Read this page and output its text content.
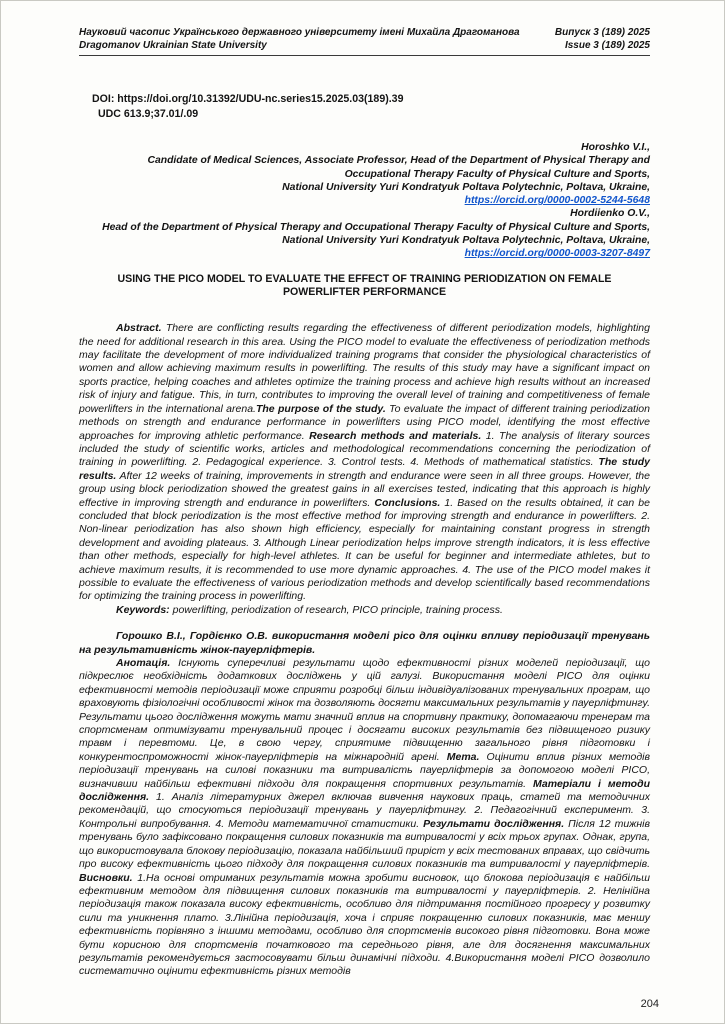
Науковий часопис Українського державного університету імені Михайла Драгоманова
Dragomanov Ukrainian State University
Випуск 3 (189) 2025
Issue 3 (189) 2025
DOI: https://doi.org/10.31392/UDU-nc.series15.2025.03(189).39
UDC 613.9;37.01/.09
Horoshko V.I.,
Candidate of Medical Sciences, Associate Professor, Head of the Department of Physical Therapy and Occupational Therapy Faculty of Physical Culture and Sports,
National University Yuri Kondratyuk Poltava Polytechnic, Poltava, Ukraine,
https://orcid.org/0000-0002-5244-5648
Hordiienko O.V.,
Head of the Department of Physical Therapy and Occupational Therapy Faculty of Physical Culture and Sports, National University Yuri Kondratyuk Poltava Polytechnic, Poltava, Ukraine,
https://orcid.org/0000-0003-3207-8497
USING THE PICO MODEL TO EVALUATE THE EFFECT OF TRAINING PERIODIZATION ON FEMALE POWERLIFTER PERFORMANCE

Abstract. There are conflicting results regarding the effectiveness of different periodization models, highlighting the need for additional research in this area. Using the PICO model to evaluate the effectiveness of periodization methods may facilitate the development of more individualized training programs that consider the physiological characteristics of women and allow achieving maximum results in powerlifting. The results of this study may have a significant impact on sports practice, helping coaches and athletes optimize the training process and achieve high results without an increased risk of injury and fatigue. This, in turn, contributes to improving the overall level of training and competitiveness of female powerlifters in the international arena.The purpose of the study. To evaluate the impact of different training periodization methods on strength and endurance performance in powerlifters using PICO model, identifying the most effective approaches for improving athletic performance. Research methods and materials. 1. The analysis of literary sources included the study of scientific works, articles and methodological recommendations concerning the periodization of training in powerlifting. 2. Pedagogical experience. 3. Control tests. 4. Methods of mathematical statistics. The study results. After 12 weeks of training, improvements in strength and endurance were seen in all three groups. However, the group using block periodization showed the greatest gains in all exercises tested, indicating that this approach is highly effective in improving strength and endurance in powerlifters. Conclusions. 1. Based on the results obtained, it can be concluded that block periodization is the most effective method for improving strength and endurance in powerlifters. 2. Non-linear periodization has also shown high efficiency, especially for maintaining constant progress in strength development and avoiding plateaus. 3. Although Linear periodization helps improve strength indicators, it is less effective than other methods, especially for high-level athletes. It can be useful for beginner and intermediate athletes, but to achieve maximum results, it is recommended to use more dynamic approaches. 4. The use of the PICO model makes it possible to evaluate the effectiveness of various periodization methods and develop scientifically based recommendations for optimizing the training process in powerlifting.

Keywords: powerlifting, periodization of research, PICO principle, training process.

Горошко В.І., Гордієнко О.В. використання моделі pico для оцінки впливу періодизації тренувань на результативність жінок-пауерліфтерів.

Анотація. Існують суперечливі результати щодо ефективності різних моделей періодизації, що підкреслює необхідність додаткових досліджень у цій галузі. Використання моделі PICO для оцінки ефективності методів періодизації може сприяти розробці більш індивідуалізованих тренувальних програм, що враховують фізіологічні особливості жінок та дозволяють досягти максимальних результатів у пауерліфтингу. Результати цього дослідження можуть мати значний вплив на спортивну практику, допомагаючи тренерам та спортсменам оптимізувати тренувальний процес і досягати високих результатів без підвищеного ризику травм і перевтоми. Це, в свою чергу, сприятиме підвищенню загального рівня підготовки і конкурентоспроможності жінок-пауерліфтерів на міжнародній арені. Мета. Оцінити вплив різних методів періодизації тренувань на силові показники та витривалість пауерліфтерів за допомогою моделі PICO, визначивши найбільш ефективні підходи для покращення спортивних результатів. Матеріали і методи дослідження. 1. Аналіз літературних джерел включав вивчення наукових праць, статей та методичних рекомендацій, що стосуються періодизації тренувань у пауерліфтингу. 2. Педагогічний експеримент. 3. Контрольні випробування. 4. Методи математичної статистики. Результати дослідження. Після 12 тижнів тренувань було зафіксовано покращення силових показників та витривалості у всіх трьох групах. Однак, група, що використовувала блокову періодизацію, показала найбільший приріст у всіх тестованих вправах, що свідчить про високу ефективність цього підходу для покращення силових показників та витривалості у пауерліфтерів. Висновки. 1.На основі отриманих результатів можна зробити висновок, що блокова періодизація є найбільш ефективним методом для підвищення силових показників та витривалості у пауерліфтерів. 2. Нелінійна періодизація також показала високу ефективність, особливо для підтримання постійного прогресу у розвитку сили та уникнення плато. 3.Лінійна періодизація, хоча і сприяє покращенню силових показників, має меншу ефективність порівняно з іншими методами, особливо для спортсменів високого рівня підготовки. Вона може бути корисною для спортсменів початкового та середнього рівня, але для досягнення максимальних результатів рекомендується застосовувати більш динамічні підходи. 4.Використання моделі PICO дозволило систематично оцінити ефективність різних методів

204
